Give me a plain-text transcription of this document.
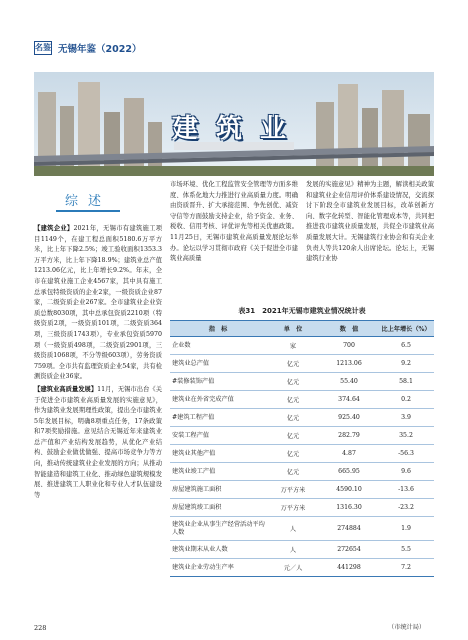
名鉴 无锡年鉴（2022）
建 筑 业
综述

【建筑企业】2021年，无锡市有建筑施工项目1149个，在建工程总面积5180.6万平方米，比上年下降2.5%；竣工验收面积1353.3万平方米，比上年下降18.9%；建筑业总产值1213.06亿元，比上年增长9.2%。年末，全市在建筑业施工企业4567家，其中具有施工总承包特级资质的企业2家，一级资质企业87家，二级资质企业267家。全市建筑业企业资质总数8030项，其中总承包资质2210项（特级资质2项，一级资质101项，二级资质364项，三级资质1743项），专业承包资质5970项（一级资质498项，二级资质2901项，三级资质1068项，不分等级603项），劳务资质759项。全市共有监理资质企业54家，共有检测资质企业36家。

【建筑业高质量发展】11月，无锡市出台《关于促进全市建筑业高质量发展的实施意见》，作为建筑业发展期理性政策，提出全市建筑业5年发展目标，明确8项重点任务，17条政策和7项奖励措施。意见结合无锡近年来建筑业总产值和产业结构发展趋势，从优化产业结构、鼓励企业做优做强、提高市场竞争力等方向，推动传统建筑业企业发展的方向；从推动智能建造和建筑工业化、推动绿色建筑规模发展、推进建筑工人职业化和专业人才队伍建设等

市场环境、优化工程监管安全管理等方面多维度、体系化地大力推进行业高质量力度。明确由资质晋升、扩大承接范围、争先创优、减资守信等方面鼓励支持企业，给予资金、业务、税收、信用考核、评优评先等相关优惠政策。 11月25日，无锡市建筑业高质量发展论坛举办。论坛以学习贯彻市政府《关于促进全市建筑业高质量

发展的实施意见》精神为主题，解读相关政策和建筑业企业信用评价体系建设情况，交流探讨下阶段全市建筑业发展目标，改革创新方向、数字化转型、智能化管理成本等，共同把推进我市建筑业质量发展，共促全市建筑业高质量发展大计。无锡建筑行业协会和有关企业负责人等共120余人出席论坛。论坛上，无锡建筑行业协

表31　2021年无锡市建筑业情况统计表
指　标	单　位	数　值	比上年增长（%）
企业数	家	700	6.5
建筑业总产值	亿元	1213.06	9.2
#装修装饰产值	亿元	55.40	58.1
建筑业在外省完成产值	亿元	374.64	0.2
#建筑工程产值	亿元	925.40	3.9
安装工程产值	亿元	282.79	35.2
建筑业其他产值	亿元	4.87	-56.3
建筑业竣工产值	亿元	665.95	9.6
房屋建筑施工面积	万平方米	4590.10	-13.6
房屋建筑竣工面积	万平方米	1316.30	-23.2
建筑业企业从事生产经营活动平均人数	人	274884	1.9
建筑业期末从业人数	人	272654	5.5
建筑业企业劳动生产率	元／人	441298	7.2
（市统计局）
228
